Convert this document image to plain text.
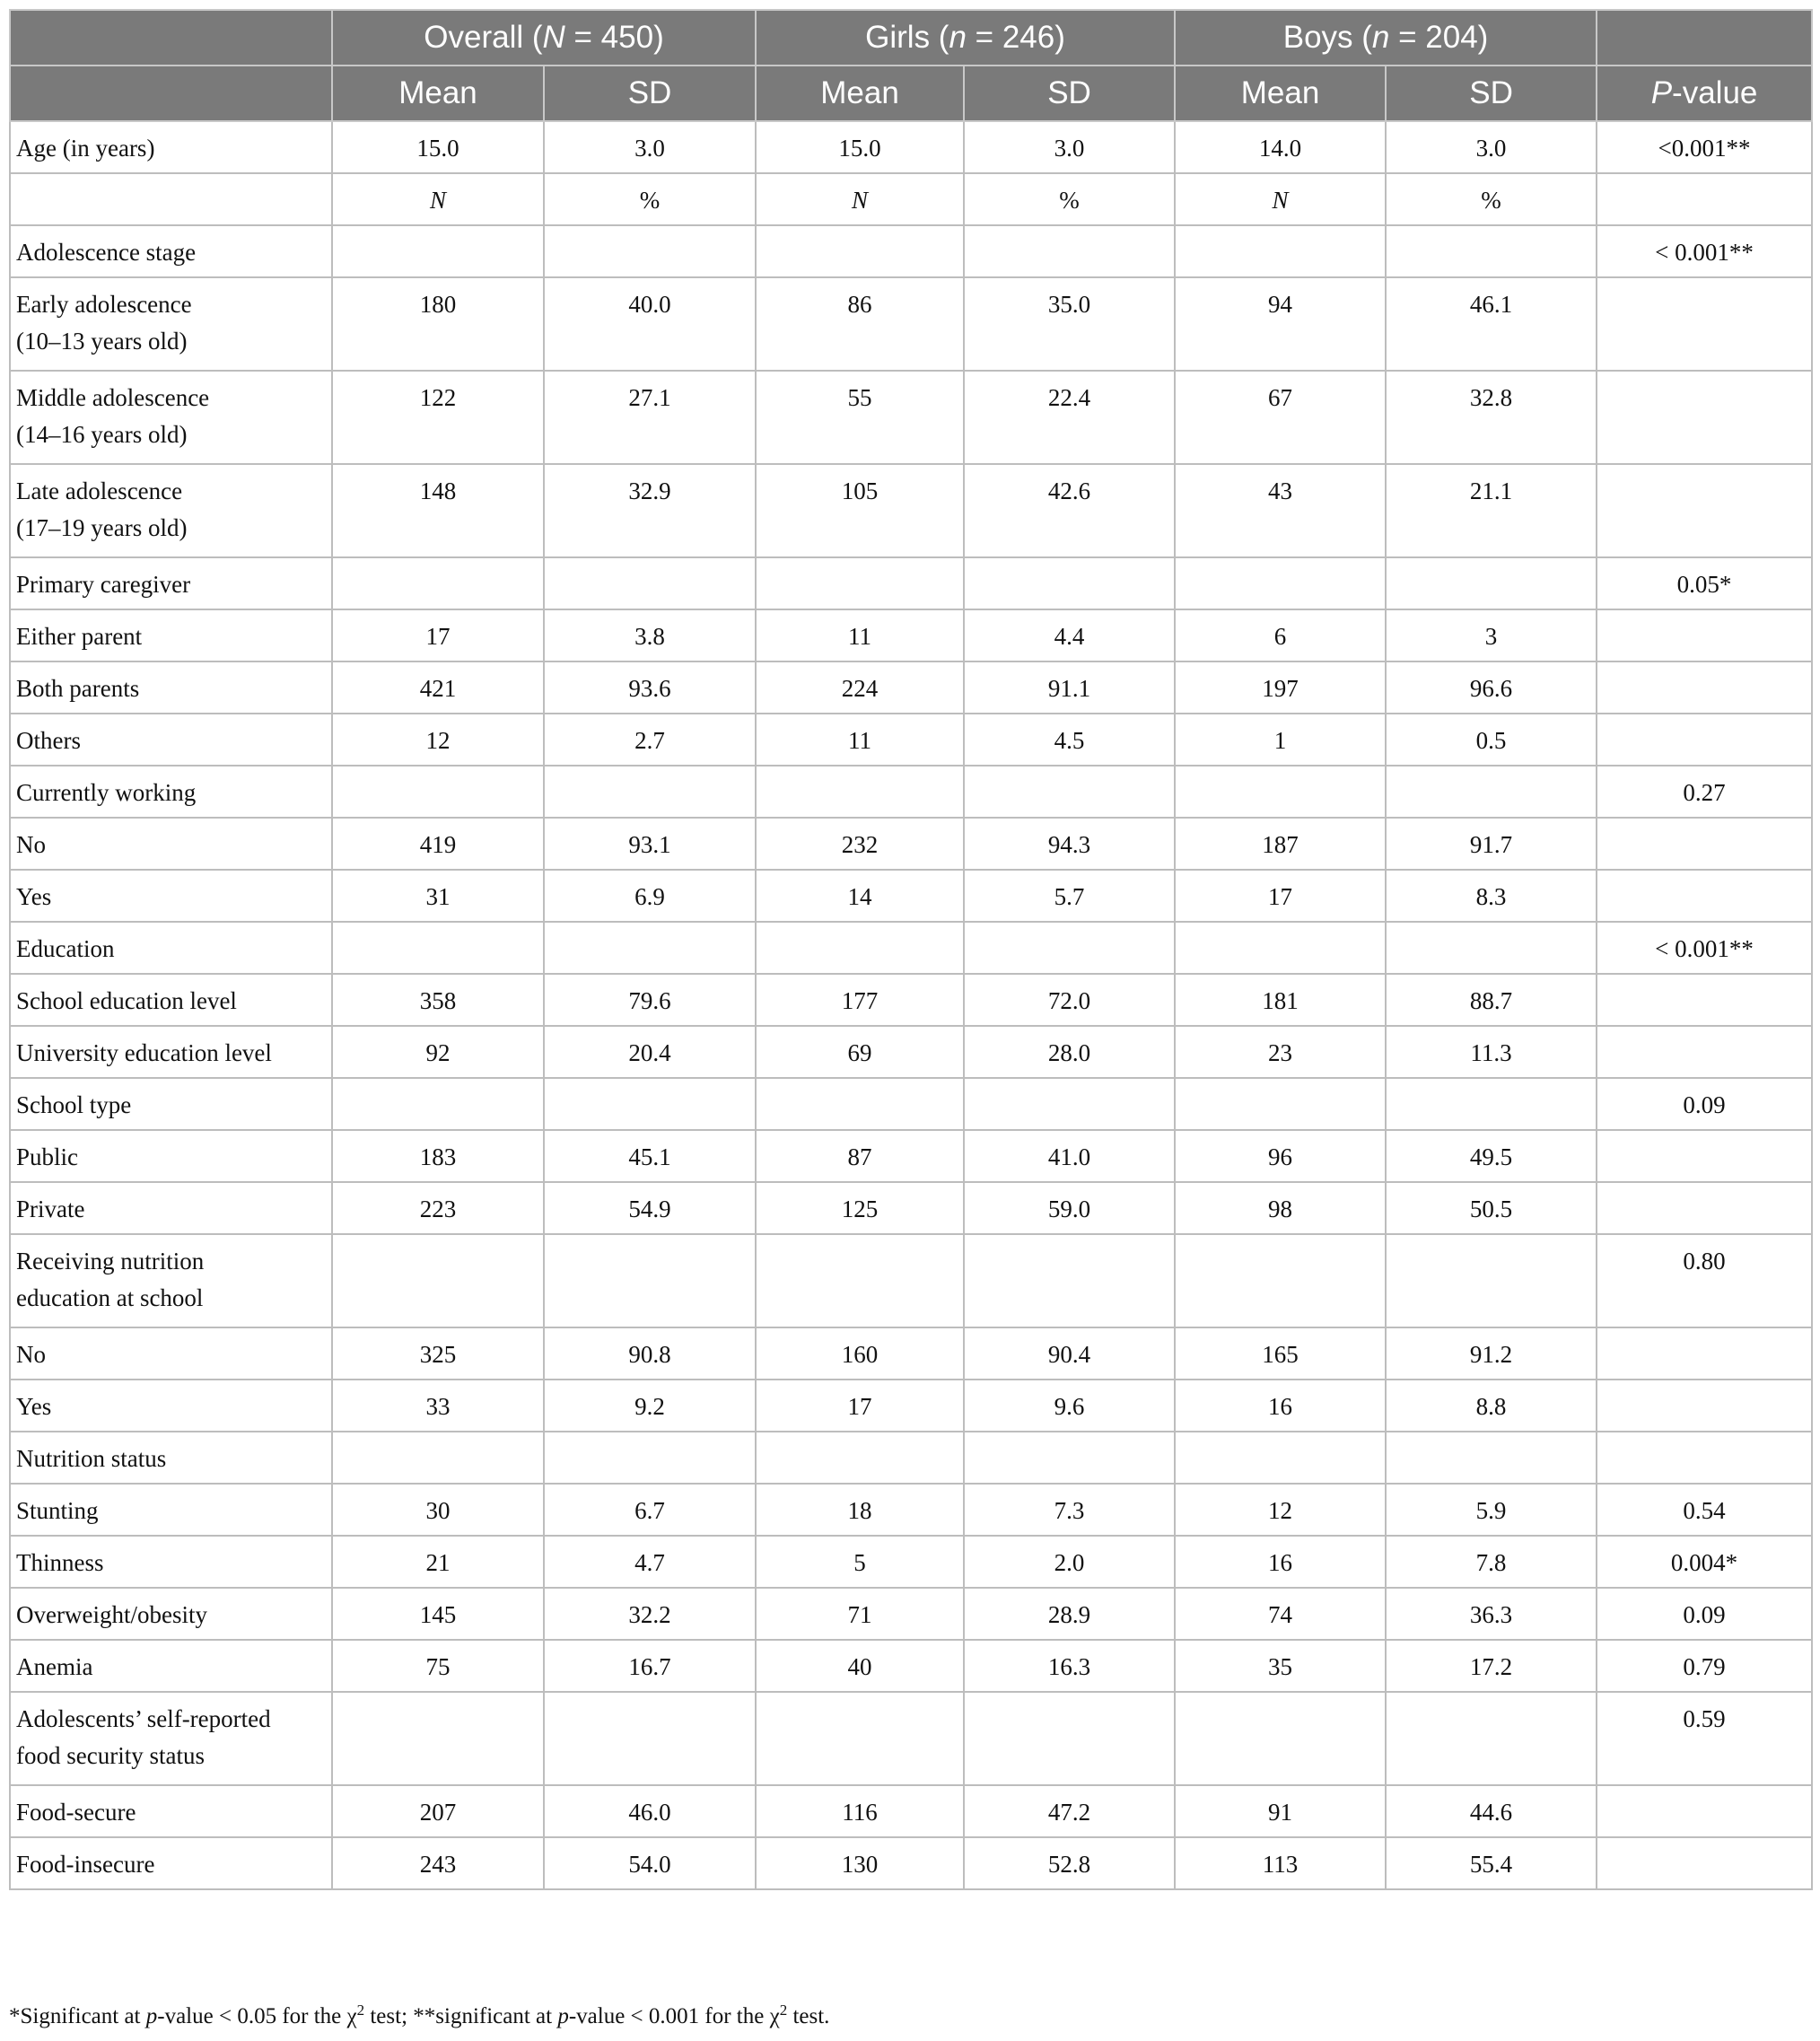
	Overall (N = 450)		Girls (n = 246)		Boys (n = 204)		
	Mean	SD	Mean	SD	Mean	SD	P-value

Age (in years)	15.0	3.0	15.0	3.0	14.0	3.0	<0.001**

	N	%	N	%	N	%	

Adolescence stage							< 0.001**

Early adolescence
(10–13 years old)	180	40.0	86	35.0	94	46.1	

Middle adolescence
(14–16 years old)	122	27.1	55	22.4	67	32.8	

Late adolescence
(17–19 years old)	148	32.9	105	42.6	43	21.1	

Primary caregiver							0.05*

Either parent	17	3.8	11	4.4	6	3	

Both parents	421	93.6	224	91.1	197	96.6	

Others	12	2.7	11	4.5	1	0.5	

Currently working							0.27

No	419	93.1	232	94.3	187	91.7	

Yes	31	6.9	14	5.7	17	8.3	

Education							< 0.001**

School education level	358	79.6	177	72.0	181	88.7	

University education level	92	20.4	69	28.0	23	11.3	

School type							0.09

Public	183	45.1	87	41.0	96	49.5	

Private	223	54.9	125	59.0	98	50.5	

Receiving nutrition
education at school							0.80

No	325	90.8	160	90.4	165	91.2	

Yes	33	9.2	17	9.6	16	8.8	

Nutrition status							

Stunting	30	6.7	18	7.3	12	5.9	0.54

Thinness	21	4.7	5	2.0	16	7.8	0.004*

Overweight/obesity	145	32.2	71	28.9	74	36.3	0.09

Anemia	75	16.7	40	16.3	35	17.2	0.79

Adolescents’ self-reported
food security status							0.59

Food-secure	207	46.0	116	47.2	91	44.6	

Food-insecure	243	54.0	130	52.8	113	55.4	
*Significant at p-value < 0.05 for the $\chi^2$ test; **significant at p-value < 0.001 for the $\chi^2$ test.
